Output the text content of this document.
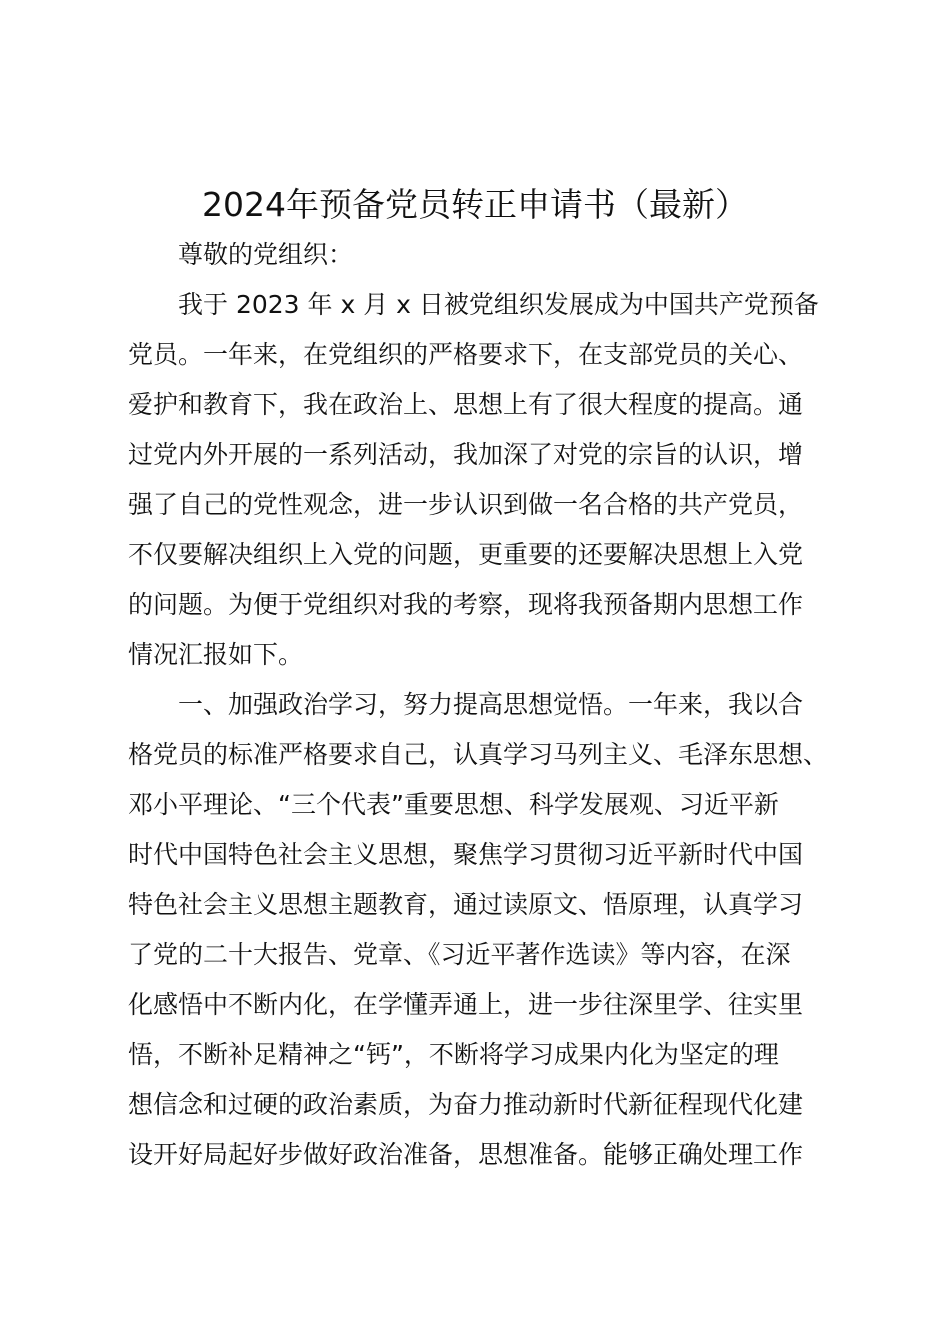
2024年预备党员转正申请书（最新）
尊敬的党组织：
我于 2023 年 x 月 x 日被党组织发展成为中国共产党预备
党员。一年来，在党组织的严格要求下，在支部党员的关心、
爱护和教育下，我在政治上、思想上有了很大程度的提高。通
过党内外开展的一系列活动，我加深了对党的宗旨的认识，增
强了自己的党性观念，进一步认识到做一名合格的共产党员，
不仅要解决组织上入党的问题，更重要的还要解决思想上入党
的问题。为便于党组织对我的考察，现将我预备期内思想工作
情况汇报如下。
一、加强政治学习，努力提高思想觉悟。一年来，我以合
格党员的标准严格要求自己，认真学习马列主义、毛泽东思想、
邓小平理论、“三个代表”重要思想、科学发展观、习近平新
时代中国特色社会主义思想，聚焦学习贯彻习近平新时代中国
特色社会主义思想主题教育，通过读原文、悟原理，认真学习
了党的二十大报告、党章、《习近平著作选读》等内容，在深
化感悟中不断内化，在学懂弄通上，进一步往深里学、往实里
悟，不断补足精神之“钙”，不断将学习成果内化为坚定的理
想信念和过硬的政治素质，为奋力推动新时代新征程现代化建
设开好局起好步做好政治准备，思想准备。能够正确处理工作
